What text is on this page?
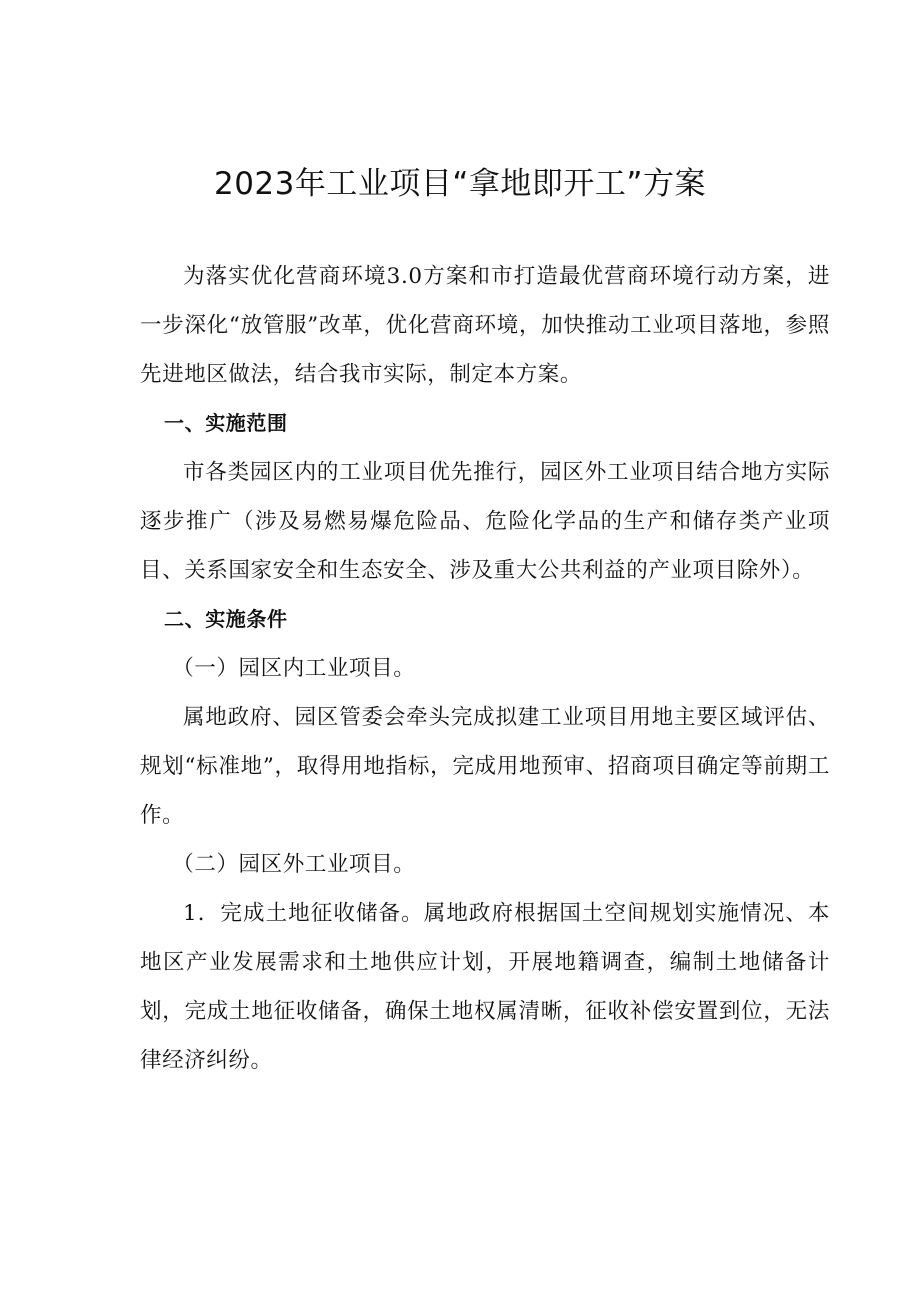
2023年工业项目“拿地即开工”方案

为落实优化营商环境3.0方案和市打造最优营商环境行动方案，进一步深化“放管服”改革，优化营商环境，加快推动工业项目落地，参照先进地区做法，结合我市实际，制定本方案。

一、实施范围

市各类园区内的工业项目优先推行，园区外工业项目结合地方实际逐步推广（涉及易燃易爆危险品、危险化学品的生产和储存类产业项目、关系国家安全和生态安全、涉及重大公共利益的产业项目除外）。

二、实施条件

（一）园区内工业项目。

属地政府、园区管委会牵头完成拟建工业项目用地主要区域评估、规划“标准地”，取得用地指标，完成用地预审、招商项目确定等前期工作。

（二）园区外工业项目。

1．完成土地征收储备。属地政府根据国土空间规划实施情况、本地区产业发展需求和土地供应计划，开展地籍调查，编制土地储备计划，完成土地征收储备，确保土地权属清晰，征收补偿安置到位，无法律经济纠纷。
